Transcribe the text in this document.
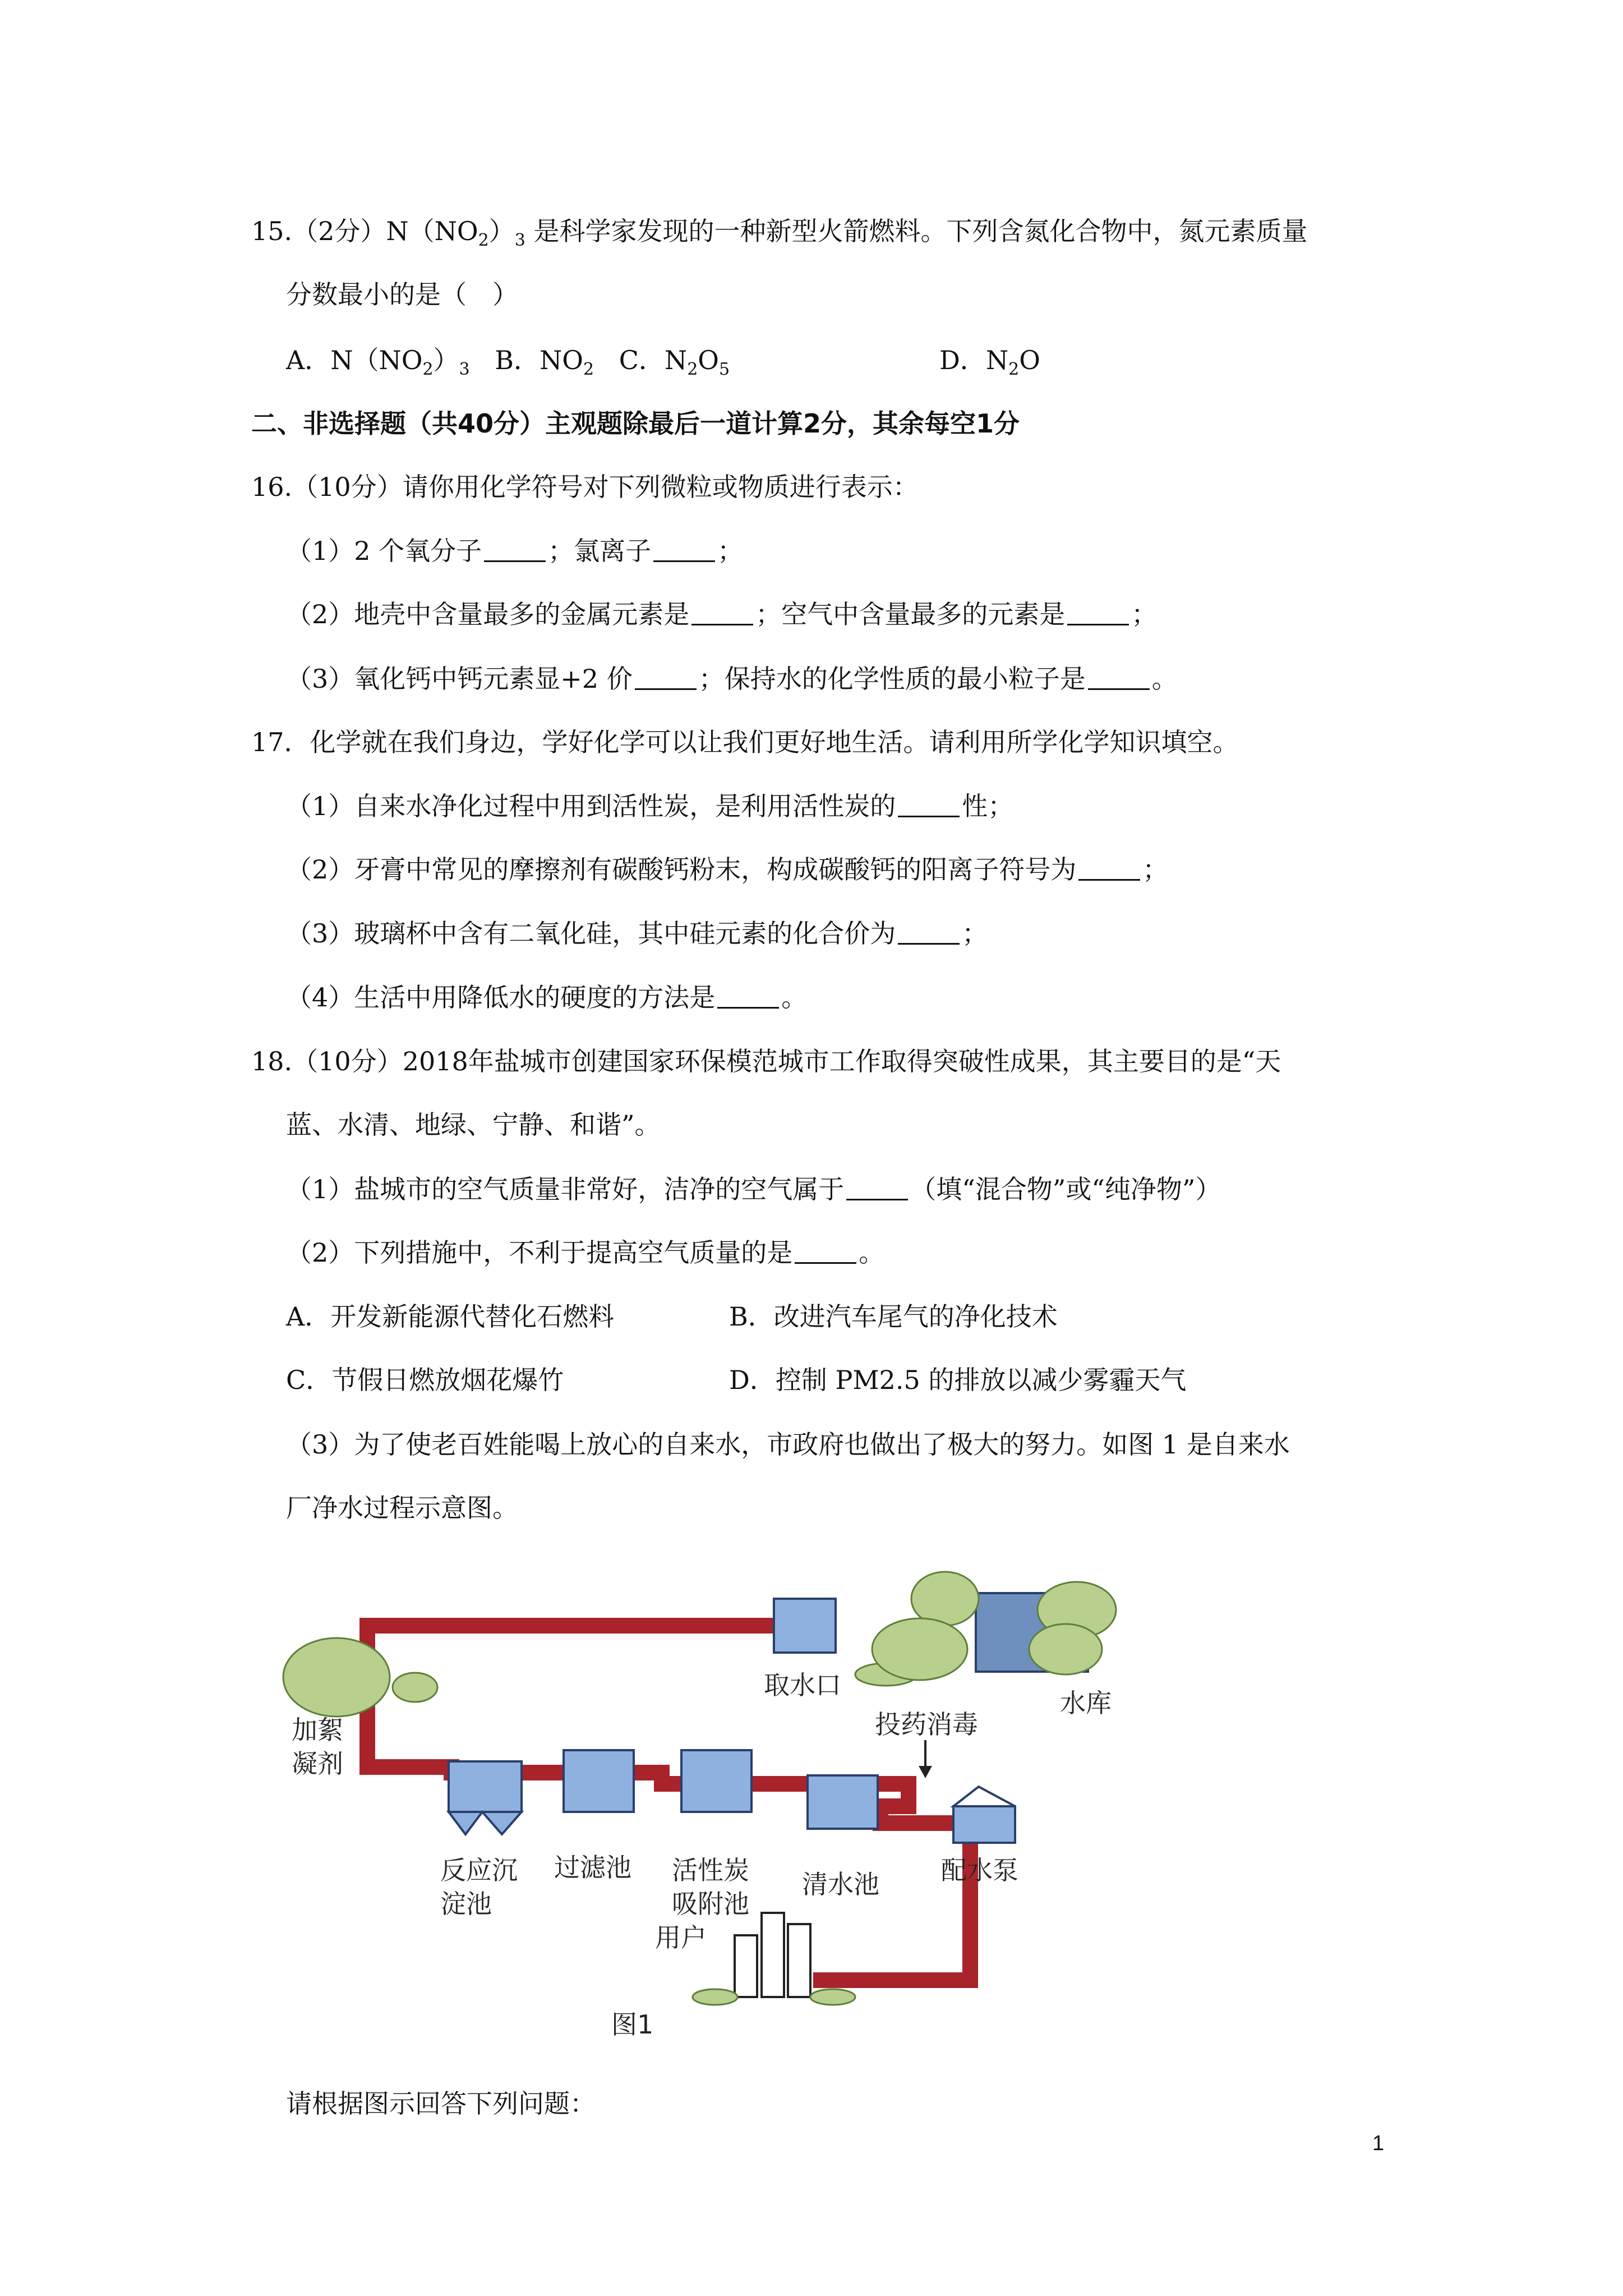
15.（2分）$N(NO_2)_3$ 是科学家发现的一种新型火箭燃料。下列含氮化合物中，氮元素质量
分数最小的是（　）
A．$N(NO_2)_3$ B．$NO_2$ C．$N_2O_5$	D．$N_2O$
二、非选择题（共40分）主观题除最后一道计算2分，其余每空1分
16.（10分）请你用化学符号对下列微粒或物质进行表示：
（1）2 个氧分子	；氯离子	；
（2）地壳中含量最多的金属元素是	；空气中含量最多的元素是	；
（3）氧化钙中钙元素显+2 价	；保持水的化学性质的最小粒子是	。
17．化学就在我们身边，学好化学可以让我们更好地生活。请利用所学化学知识填空。
（1）自来水净化过程中用到活性炭，是利用活性炭的	性；
（2）牙膏中常见的摩擦剂有碳酸钙粉末，构成碳酸钙的阳离子符号为	；
（3）玻璃杯中含有二氧化硅，其中硅元素的化合价为	；
（4）生活中用降低水的硬度的方法是	。
18.（10分）2018年盐城市创建国家环保模范城市工作取得突破性成果，其主要目的是“天
蓝、水清、地绿、宁静、和谐”。
（1）盐城市的空气质量非常好，洁净的空气属于	（填“混合物”或“纯净物”）
（2）下列措施中，不利于提高空气质量的是	。
A．开发新能源代替化石燃料	B．改进汽车尾气的净化技术
C．节假日燃放烟花爆竹	D．控制 PM2.5 的排放以减少雾霾天气
（3）为了使老百姓能喝上放心的自来水，市政府也做出了极大的努力。如图 1 是自来水
厂净水过程示意图。
取水口
水库
加絮
凝剂
反应沉
淀池
过滤池 活性炭
吸附池
清水池
投药消毒
配水泵
用户
图1
请根据图示回答下列问题：
1
